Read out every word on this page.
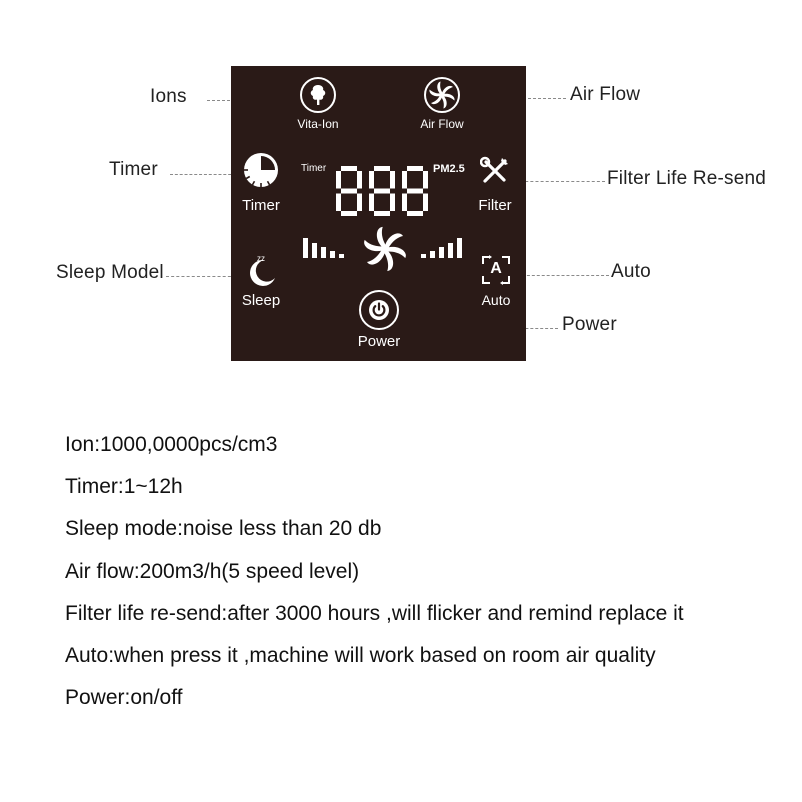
Ions	Air Flow
Timer	Filter Life Re-send
Sleep Model	Auto
Power
Vita-Ion	Air Flow
Timer
Timer	PM2.5
Filter
zz
Sleep
A
Auto
Power
Ion:1000,0000pcs/cm3
Timer:1~12h
Sleep mode:noise less than 20 db
Air flow:200m3/h(5 speed level)
Filter life re-send:after 3000 hours ,will flicker and remind replace it
Auto:when press it ,machine will work based on room air quality
Power:on/off
